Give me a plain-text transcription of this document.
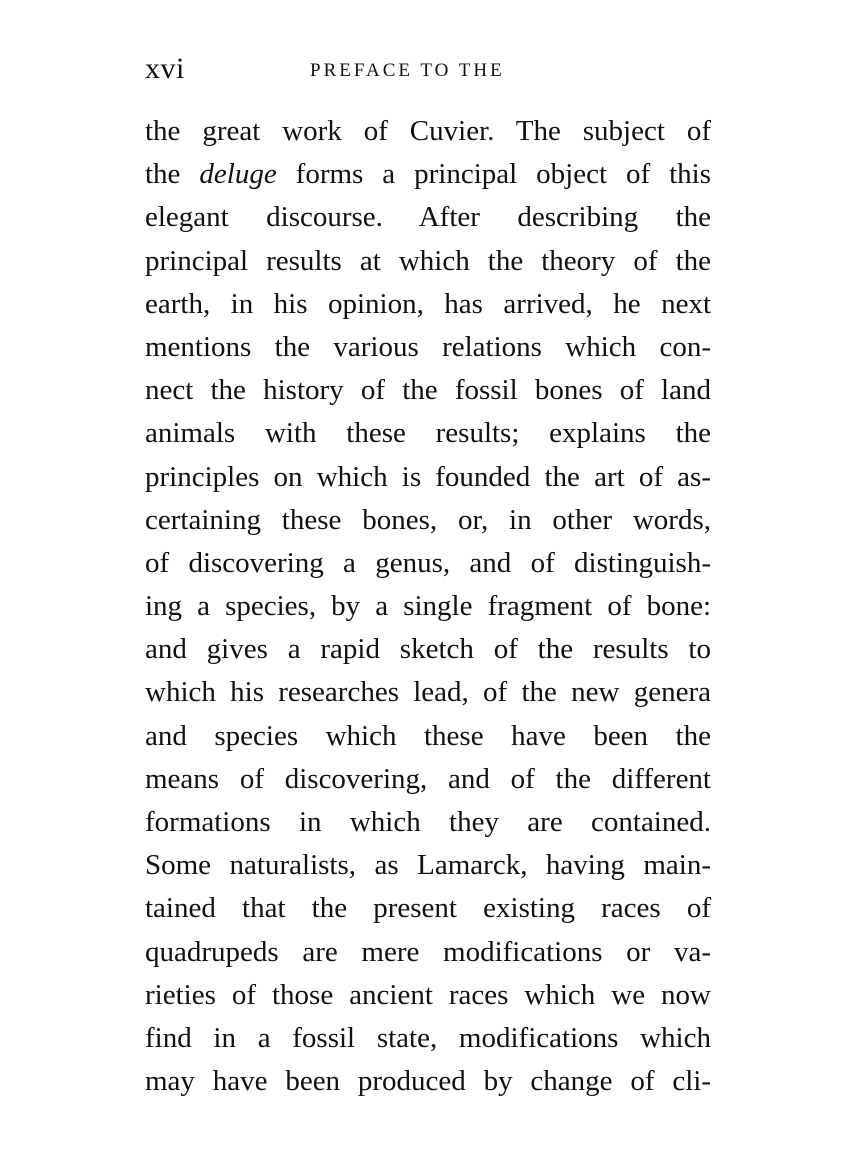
xvi	PREFACE TO THE
the great work of Cuvier. The subject of
the deluge forms a principal object of this
elegant discourse. After describing the
principal results at which the theory of the
earth, in his opinion, has arrived, he next
mentions the various relations which con-
nect the history of the fossil bones of land
animals with these results; explains the
principles on which is founded the art of as-
certaining these bones, or, in other words,
of discovering a genus, and of distinguish-
ing a species, by a single fragment of bone:
and gives a rapid sketch of the results to
which his researches lead, of the new genera
and species which these have been the
means of discovering, and of the different
formations in which they are contained.
Some naturalists, as Lamarck, having main-
tained that the present existing races of
quadrupeds are mere modifications or va-
rieties of those ancient races which we now
find in a fossil state, modifications which
may have been produced by change of cli-
